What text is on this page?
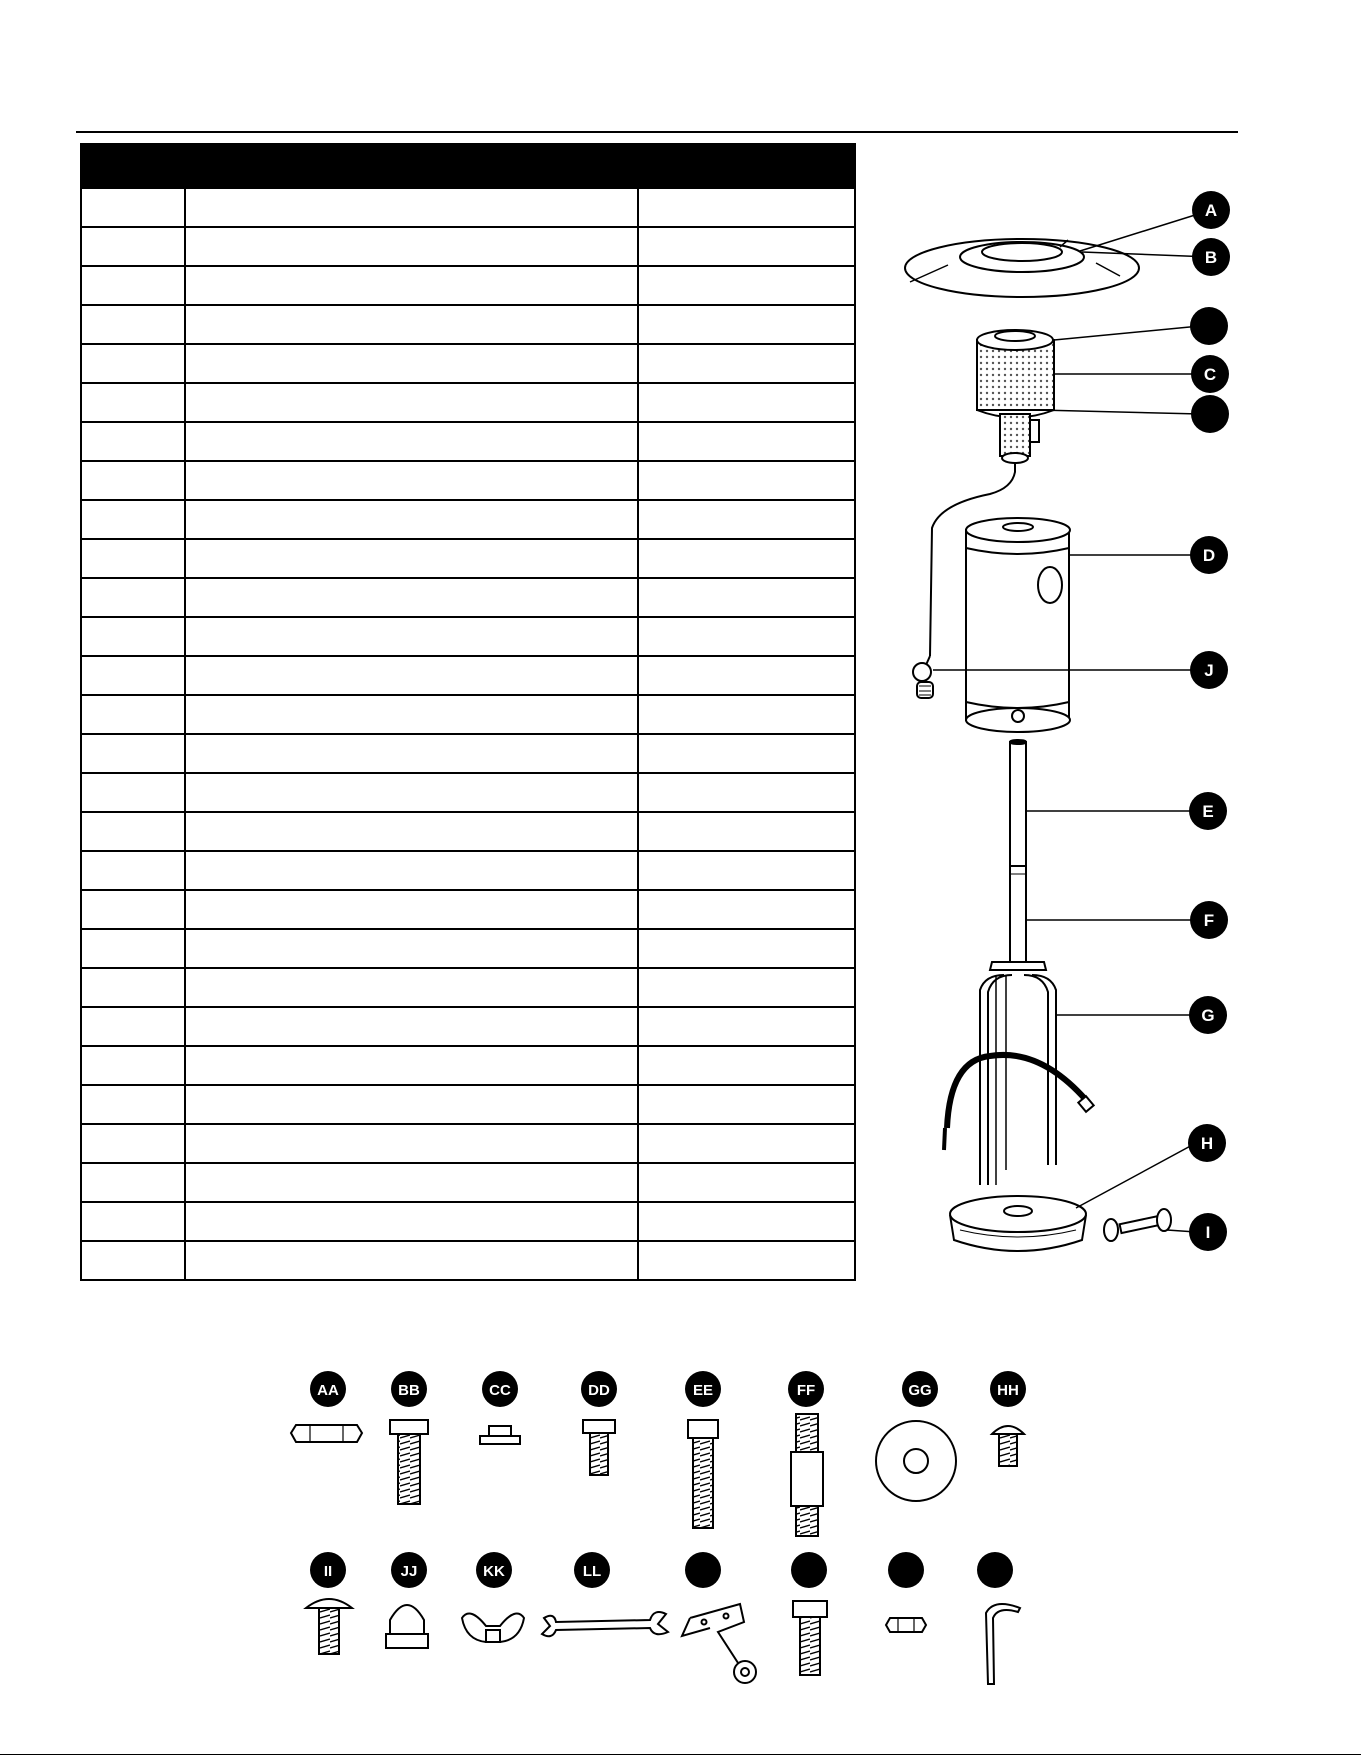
A
B
C
D
J
E
F
G
H
I
AA	BB	CC	DD	EE	FF	GG	HH
II	JJ	KK	LL
